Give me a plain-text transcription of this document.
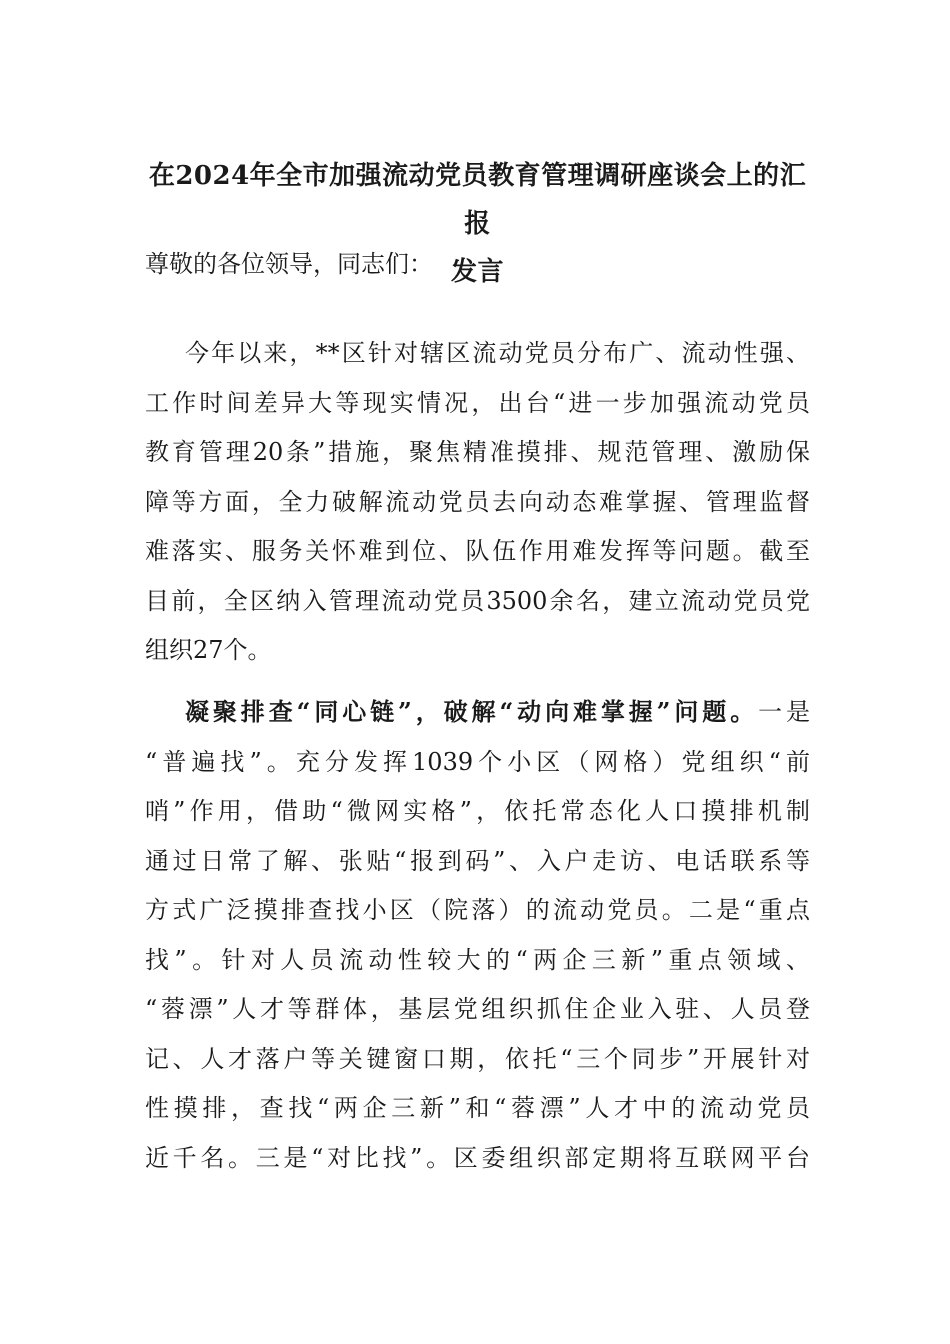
在2024年全市加强流动党员教育管理调研座谈会上的汇报
发言
尊敬的各位领导，同志们：
今年以来，**区针对辖区流动党员分布广、流动性强、
工作时间差异大等现实情况，出台“进一步加强流动党员
教育管理20条”措施，聚焦精准摸排、规范管理、激励保
障等方面，全力破解流动党员去向动态难掌握、管理监督
难落实、服务关怀难到位、队伍作用难发挥等问题。截至
目前，全区纳入管理流动党员3500余名，建立流动党员党
组织27个。
凝聚排查“同心链”，破解“动向难掌握”问题。一是
“普遍找”。充分发挥1039个小区（网格）党组织“前
哨”作用，借助“微网实格”，依托常态化人口摸排机制
通过日常了解、张贴“报到码”、入户走访、电话联系等
方式广泛摸排查找小区（院落）的流动党员。二是“重点
找”。针对人员流动性较大的“两企三新”重点领域、
“蓉漂”人才等群体，基层党组织抓住企业入驻、人员登
记、人才落户等关键窗口期，依托“三个同步”开展针对
性摸排，查找“两企三新”和“蓉漂”人才中的流动党员
近千名。三是“对比找”。区委组织部定期将互联网平台
